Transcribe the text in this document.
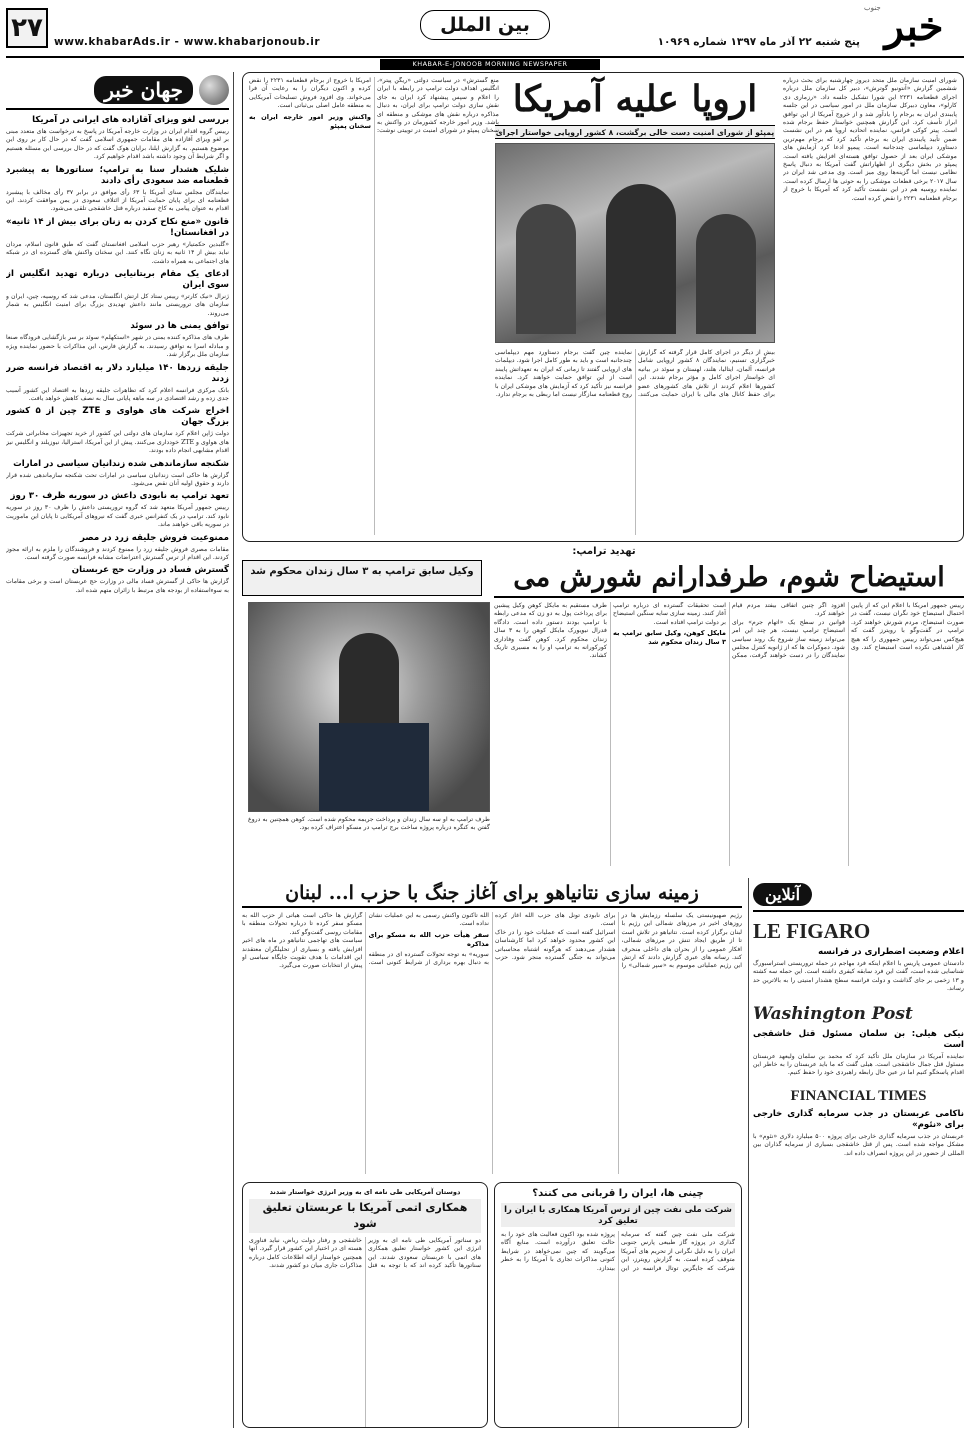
۲۷	بین الملل
www.khabarAds.ir - www.khabarjonoub.ir	پنج شنبه ۲۲ آذر ماه ۱۳۹۷ شماره ۱۰۹۶۹ خبر
جنوب
KHABAR-E-JONOOB MORNING NEWSPAPER
جهان خبر
بررسی لغو ویزای آقازاده های ایرانی در آمریکا
رییس گروه اقدام ایران در وزارت خارجه آمریکا در پاسخ به درخواست های متعدد مبنی بر لغو ویزای آقازاده های مقامات جمهوری اسلامی گفت که در حال کار بر روی این موضوع هستیم. به گزارش ایلنا، برایان هوک گفت که در حال بررسی این مسئله هستیم و اگر شرایط آن وجود داشته باشد اقدام خواهیم کرد.
شلیک هشدار سنا به ترامپ؛ سناتورها به پیشبرد قطعنامه ضد سعودی رأی دادند
نمایندگان مجلس سنای آمریکا با ۶۳ رأی موافق در برابر ۳۷ رأی مخالف با پیشبرد قطعنامه ای برای پایان حمایت آمریکا از ائتلاف سعودی در یمن موافقت کردند. این اقدام به عنوان پیامی به کاخ سفید درباره قتل خاشقجی تلقی می‌شود.
قانون «منع نکاح کردن به زنان برای بیش از ۱۴ ثانیه» در افغانستان!
«گلبدین حکمتیار» رهبر حزب اسلامی افغانستان گفت که طبق قانون اسلام، مردان نباید بیش از ۱۴ ثانیه به زنان نگاه کنند. این سخنان واکنش های گسترده ای در شبکه های اجتماعی به همراه داشت.
ادعای یک مقام بریتانیایی درباره تهدید انگلیس از سوی ایران
ژنرال «نیک کارتر» رییس ستاد کل ارتش انگلستان، مدعی شد که روسیه، چین، ایران و سازمان های تروریستی مانند داعش تهدیدی بزرگ برای امنیت انگلیس به شمار می‌روند.
توافق یمنی ها در سوئد
طرف های مذاکره کننده یمنی در شهر «استکهلم» سوئد بر سر بازگشایی فرودگاه صنعا و مبادله اسرا به توافق رسیدند. به گزارش فارس، این مذاکرات با حضور نماینده ویژه سازمان ملل برگزار شد.
جلیقه زردها ۱۴۰ میلیارد دلار به اقتصاد فرانسه ضرر زدند
بانک مرکزی فرانسه اعلام کرد که تظاهرات جلیقه زردها به اقتصاد این کشور آسیب جدی زده و رشد اقتصادی در سه ماهه پایانی سال به نصف کاهش خواهد یافت.
اخراج شرکت های هواوی و ZTE چین از ۵ کشور بزرگ جهان
دولت ژاپن اعلام کرد سازمان های دولتی این کشور از خرید تجهیزات مخابراتی شرکت های هواوی و ZTE خودداری می‌کنند. پیش از این آمریکا، استرالیا، نیوزیلند و انگلیس نیز اقدام مشابهی انجام داده بودند.
شکنجه سازماندهی شده زندانیان سیاسی در امارات
گزارش ها حاکی است زندانیان سیاسی در امارات تحت شکنجه سازماندهی شده قرار دارند و حقوق اولیه آنان نقض می‌شود.
تعهد ترامپ به نابودی داعش در سوریه ظرف ۳۰ روز
رییس جمهور آمریکا متعهد شد که گروه تروریستی داعش را ظرف ۳۰ روز در سوریه نابود کند. ترامپ در یک کنفرانس خبری گفت که نیروهای آمریکایی تا پایان این ماموریت در سوریه باقی خواهند ماند.
ممنوعیت فروش جلیقه زرد در مصر
مقامات مصری فروش جلیقه زرد را ممنوع کردند و فروشندگان را ملزم به ارائه مجوز کردند. این اقدام از ترس گسترش اعتراضات مشابه فرانسه صورت گرفته است.
گسترش فساد در وزارت حج عربستان
گزارش ها حاکی از گسترش فساد مالی در وزارت حج عربستان است و برخی مقامات به سوءاستفاده از بودجه های مرتبط با زائران متهم شده اند.
شورای امنیت سازمان ملل متحد دیروز چهارشنبه برای بحث درباره ششمین گزارش «آنتونیو گوترش»، دبیر کل سازمان ملل درباره اجرای قطعنامه ۲۲۳۱ این شورا تشکیل جلسه داد. «رزماری دی کارلو»، معاون دبیرکل سازمان ملل در امور سیاسی در این جلسه پایبندی ایران به برجام را یادآور شد و از خروج آمریکا از این توافق ابراز تأسف کرد. این گزارش همچنین خواستار حفظ برجام شده است. پیتر کوکی فرانس، نماینده اتحادیه اروپا هم در این نشست ضمن تأیید پایبندی ایران به برجام تأکید کرد که برجام مهم‌ترین دستاورد دیپلماسی چندجانبه است. پیمپو ادعا کرد آزمایش های موشکی ایران بعد از حصول توافق هسته‌ای افزایش یافته است. پمپئو در بخش دیگری از اظهاراتش گفت آمریکا به دنبال پاسخ نظامی نیست اما گزینه‌ها روی میز است. وی مدعی شد ایران در سال ۲۰۱۷ برخی قطعات موشکی را به حوثی ها ارسال کرده است. نماینده روسیه هم در این نشست تأکید کرد که آمریکا با خروج از برجام قطعنامه ۲۲۳۱ را نقض کرده است.
اروپا علیه آمریکا
پمپئو از شورای امنیت دست خالی برگشت، ۸ کشور اروپایی خواستار اجرای
بیش از دیگر در اجرای کامل قرار گرفته که گزارش خبرگزاری تسنیم، نمایندگان ۸ کشور اروپایی شامل فرانسه، آلمان، ایتالیا، هلند، لهستان و سوئد در بیانیه ای خواستار اجرای کامل و مؤثر برجام شدند. این کشورها اعلام کردند از تلاش های کشورهای عضو برای حفظ کانال های مالی با ایران حمایت می‌کنند. نماینده چین گفت برجام دستاورد مهم دیپلماسی چندجانبه است و باید به طور کامل اجرا شود. دیپلمات های اروپایی گفتند تا زمانی که ایران به تعهداتش پایبند است از این توافق حمایت خواهند کرد. نماینده فرانسه نیز تأکید کرد که آزمایش های موشکی ایران با روح قطعنامه سازگار نیست اما ربطی به برجام ندارد.
منع گسترش» در سیاست دولتی «ریگن پیتر»، انگلیس اهداف دولت ترامپ در رابطه با ایران را اعلام و سپس پیشنهاد کرد ایران به جای نقش سازی دولت ترامپ برای ایران، به دنبال مذاکره درباره نقش های موشکی و منطقه ای باشد. وزیر امور خارجه کشورمان در واکنش به سخنان پمپئو در شورای امنیت در توییتی نوشت: آمریکا با خروج از برجام قطعنامه ۲۲۳۱ را نقض کرده و اکنون دیگران را به رعایت آن فرا می‌خواند. وی افزود فروش تسلیحات آمریکایی به منطقه عامل اصلی بی‌ثباتی است.
واکنش وزیر امور خارجه ایران به سخنان پمپئو
تهدید ترامپ:
استیضاح شوم، طرفدارانم شورش می
وکیل سابق ترامپ به ۳ سال زندان محکوم شد
رییس جمهور آمریکا با اعلام این که از پایین احتمال استیضاح خود نگران نیست، گفت در صورت استیضاح، مردم شورش خواهند کرد. ترامپ در گفت‌وگو با رویترز گفت که هیچ‌کس نمی‌تواند رییس جمهوری را که هیچ کار اشتباهی نکرده است استیضاح کند. وی افزود اگر چنین اتفاقی بیفتد مردم قیام خواهند کرد.
قوانین در سطح یک «اتهام جرم» برای استیضاح ترامپ نیست، هر چند این امر می‌تواند زمینه ساز شروع یک روند سیاسی شود. دموکرات ها که از ژانویه کنترل مجلس نمایندگان را در دست خواهند گرفت، ممکن است تحقیقات گسترده ای درباره ترامپ آغاز کنند. زمینه سازی سایه سنگین استیضاح بر دولت ترامپ افتاده است.
مایکل کوهن، وکیل سابق ترامپ به ۳ سال زندان محکوم شد
طرف مستقیم به مایکل کوهن وکیل پیشین برای پرداخت پول به دو زن که مدعی رابطه با ترامپ بودند دستور داده است. دادگاه فدرال نیویورک مایکل کوهن را به ۳ سال زندان محکوم کرد. کوهن گفت وفاداری کورکورانه به ترامپ او را به مسیری تاریک کشاند.
طرف ترامپ به او سه سال زندان و پرداخت جریمه محکوم شده است. کوهن همچنین به دروغ گفتن به کنگره درباره پروژه ساخت برج ترامپ در مسکو اعتراف کرده بود.
آنلاین
LE FIGARO
اعلام وضعیت اضطراری در فرانسه
دادستان عمومی پاریس با اعلام اینکه فرد مهاجم در حمله تروریستی استراسبورگ شناسایی شده است، گفت این فرد سابقه کیفری داشته است. این حمله سه کشته و ۱۳ زخمی بر جای گذاشت و دولت فرانسه سطح هشدار امنیتی را به بالاترین حد رساند.
Washington Post
نیکی هیلی: بن سلمان مسئول قتل خاشقجی است
نماینده آمریکا در سازمان ملل تأکید کرد که محمد بن سلمان ولیعهد عربستان مسئول قتل جمال خاشقجی است. هیلی گفت که ما باید عربستان را به خاطر این اقدام پاسخگو کنیم اما در عین حال رابطه راهبردی خود را حفظ کنیم.
FINANCIAL TIMES
ناکامی عربستان در جذب سرمایه گذاری خارجی برای «نئوم»
عربستان در جذب سرمایه گذاری خارجی برای پروژه ۵۰۰ میلیارد دلاری «نئوم» با مشکل مواجه شده است. پس از قتل خاشقجی بسیاری از سرمایه گذاران بین المللی از حضور در این پروژه انصراف داده اند.
زمینه سازی نتانیاهو برای آغاز جنگ با حزب ا... لبنان
رژیم صهیونیستی یک سلسله رزمایش ها در روزهای اخیر در مرزهای شمالی این رژیم با لبنان برگزار کرده است. نتانیاهو در تلاش است تا از طریق ایجاد تنش در مرزهای شمالی، افکار عمومی را از بحران های داخلی منحرف کند. رسانه های عبری گزارش دادند که ارتش این رژیم عملیاتی موسوم به «سپر شمالی» را برای نابودی تونل های حزب الله آغاز کرده است.
اسرائیل گفته است که عملیات خود را در خاک این کشور محدود خواهد کرد اما کارشناسان هشدار می‌دهند که هرگونه اشتباه محاسباتی می‌تواند به جنگی گسترده منجر شود. حزب الله تاکنون واکنش رسمی به این عملیات نشان نداده است.
سفر هیأت حزب الله به مسکو برای مذاکره
سوریه» به توجه تحولات گسترده ای در منطقه به دنبال بهره برداری از شرایط کنونی است. گزارش ها حاکی است هیأتی از حزب الله به مسکو سفر کرده تا درباره تحولات منطقه با مقامات روسی گفت‌وگو کند.
سیاست های تهاجمی نتانیاهو در ماه های اخیر افزایش یافته و بسیاری از تحلیلگران معتقدند این اقدامات با هدف تقویت جایگاه سیاسی او پیش از انتخابات صورت می‌گیرد.
چینی ها، ایران را قربانی می کنند؟
شرکت ملی نفت چین از ترس آمریکا همکاری با ایران را تعلیق کرد
شرکت ملی نفت چین گفته که سرمایه گذاری در پروژه گاز طبیعی پارس جنوبی ایران را به دلیل نگرانی از تحریم های آمریکا متوقف کرده است. به گزارش رویترز، این شرکت که جایگزین توتال فرانسه در این پروژه شده بود اکنون فعالیت های خود را به حالت تعلیق درآورده است. منابع آگاه می‌گویند که چین نمی‌خواهد در شرایط کنونی مذاکرات تجاری با آمریکا را به خطر بیندازد.
دوستان آمریکایی طی نامه ای به وزیر انرژی خواستار شدند
همکاری اتمی آمریکا با عربستان تعلیق شود
دو سناتور آمریکایی طی نامه ای به وزیر انرژی این کشور خواستار تعلیق همکاری های اتمی با عربستان سعودی شدند. این سناتورها تأکید کرده اند که با توجه به قتل خاشقجی و رفتار دولت ریاض، نباید فناوری هسته ای در اختیار این کشور قرار گیرد. آنها همچنین خواستار ارائه اطلاعات کامل درباره مذاکرات جاری میان دو کشور شدند.
